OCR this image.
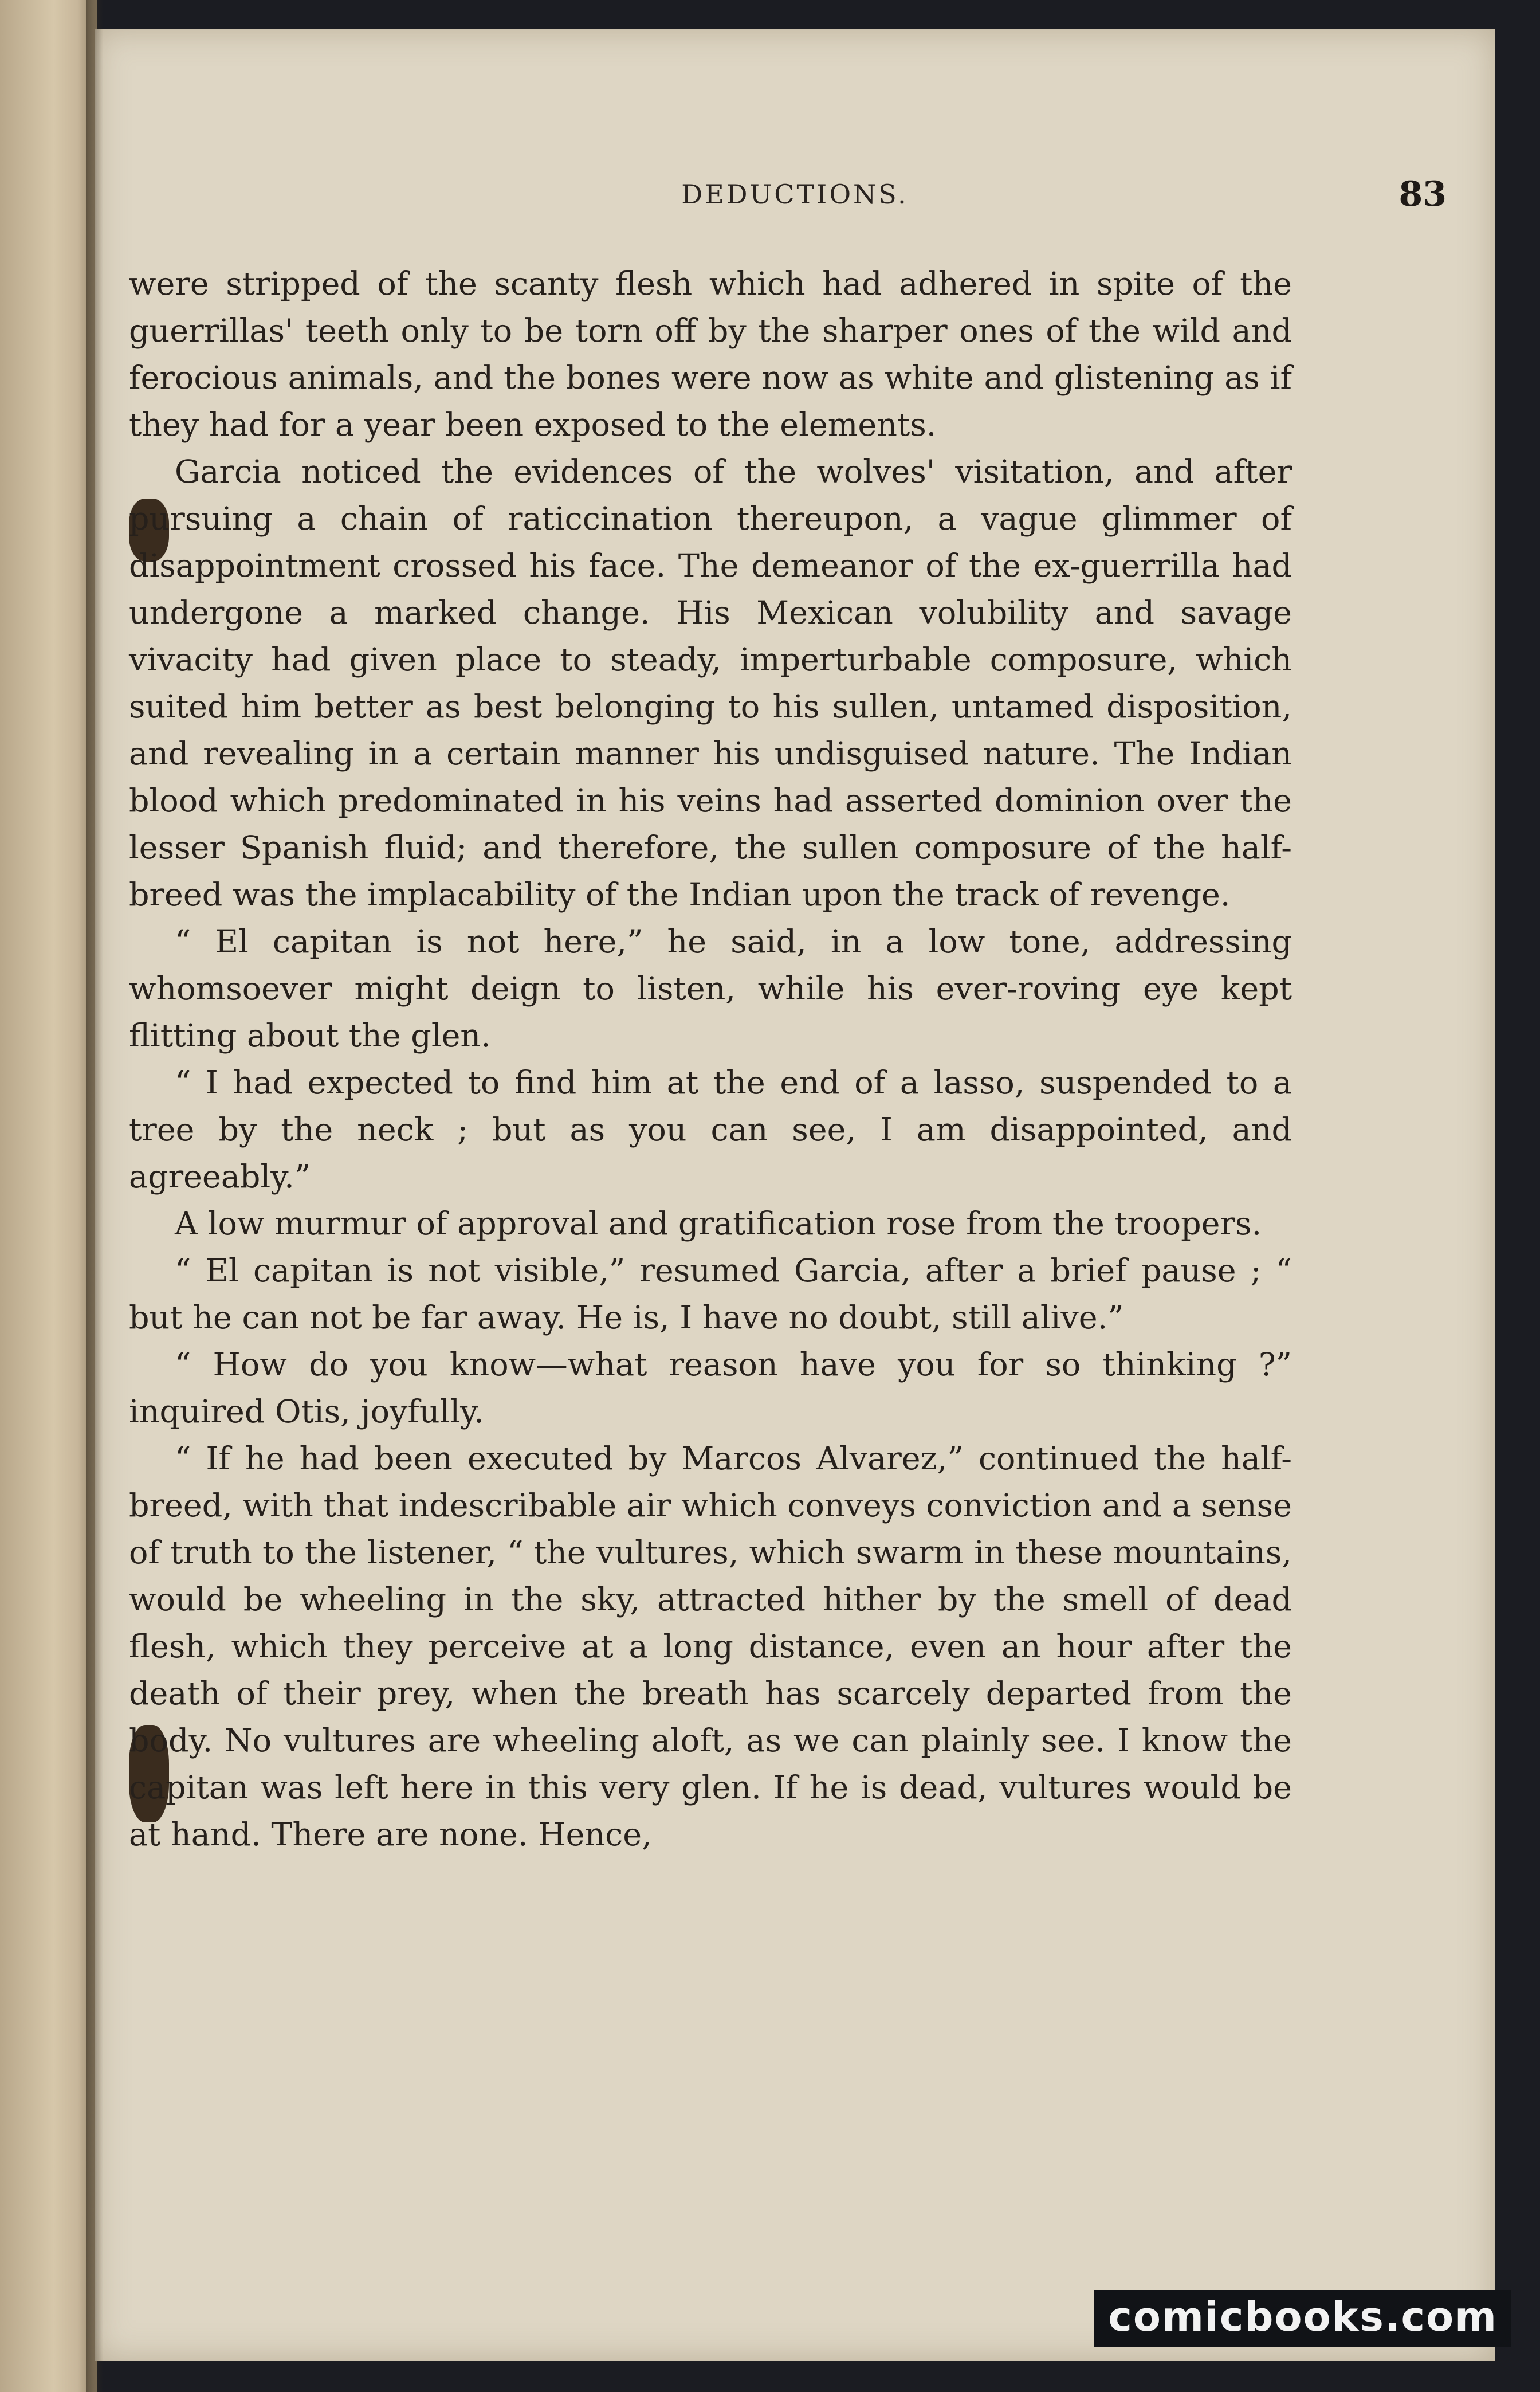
DEDUCTIONS.	83

were stripped of the scanty flesh which had adhered in spite of the guerrillas' teeth only to be torn off by the sharper ones of the wild and ferocious animals, and the bones were now as white and glistening as if they had for a year been exposed to the elements.

Garcia noticed the evidences of the wolves' visitation, and after pursuing a chain of raticcination thereupon, a vague glimmer of disappointment crossed his face. The demeanor of the ex-guerrilla had undergone a marked change. His Mexican volubility and savage vivacity had given place to steady, imperturbable composure, which suited him better as best belonging to his sullen, untamed disposition, and revealing in a certain manner his undisguised nature. The Indian blood which predominated in his veins had asserted dominion over the lesser Spanish fluid; and therefore, the sullen composure of the half-breed was the implacability of the Indian upon the track of revenge.

“ El capitan is not here,” he said, in a low tone, addressing whomsoever might deign to listen, while his ever-roving eye kept flitting about the glen.

“ I had expected to find him at the end of a lasso, suspended to a tree by the neck ; but as you can see, I am disappointed, and agreeably.”

A low murmur of approval and gratification rose from the troopers.

“ El capitan is not visible,” resumed Garcia, after a brief pause ; “ but he can not be far away. He is, I have no doubt, still alive.”

“ How do you know—what reason have you for so thinking ?” inquired Otis, joyfully.

“ If he had been executed by Marcos Alvarez,” continued the half-breed, with that indescribable air which conveys conviction and a sense of truth to the listener, “ the vultures, which swarm in these mountains, would be wheeling in the sky, attracted hither by the smell of dead flesh, which they perceive at a long distance, even an hour after the death of their prey, when the breath has scarcely departed from the body. No vultures are wheeling aloft, as we can plainly see. I know the capitan was left here in this very glen. If he is dead, vultures would be at hand. There are none. Hence,

comicbooks.com
